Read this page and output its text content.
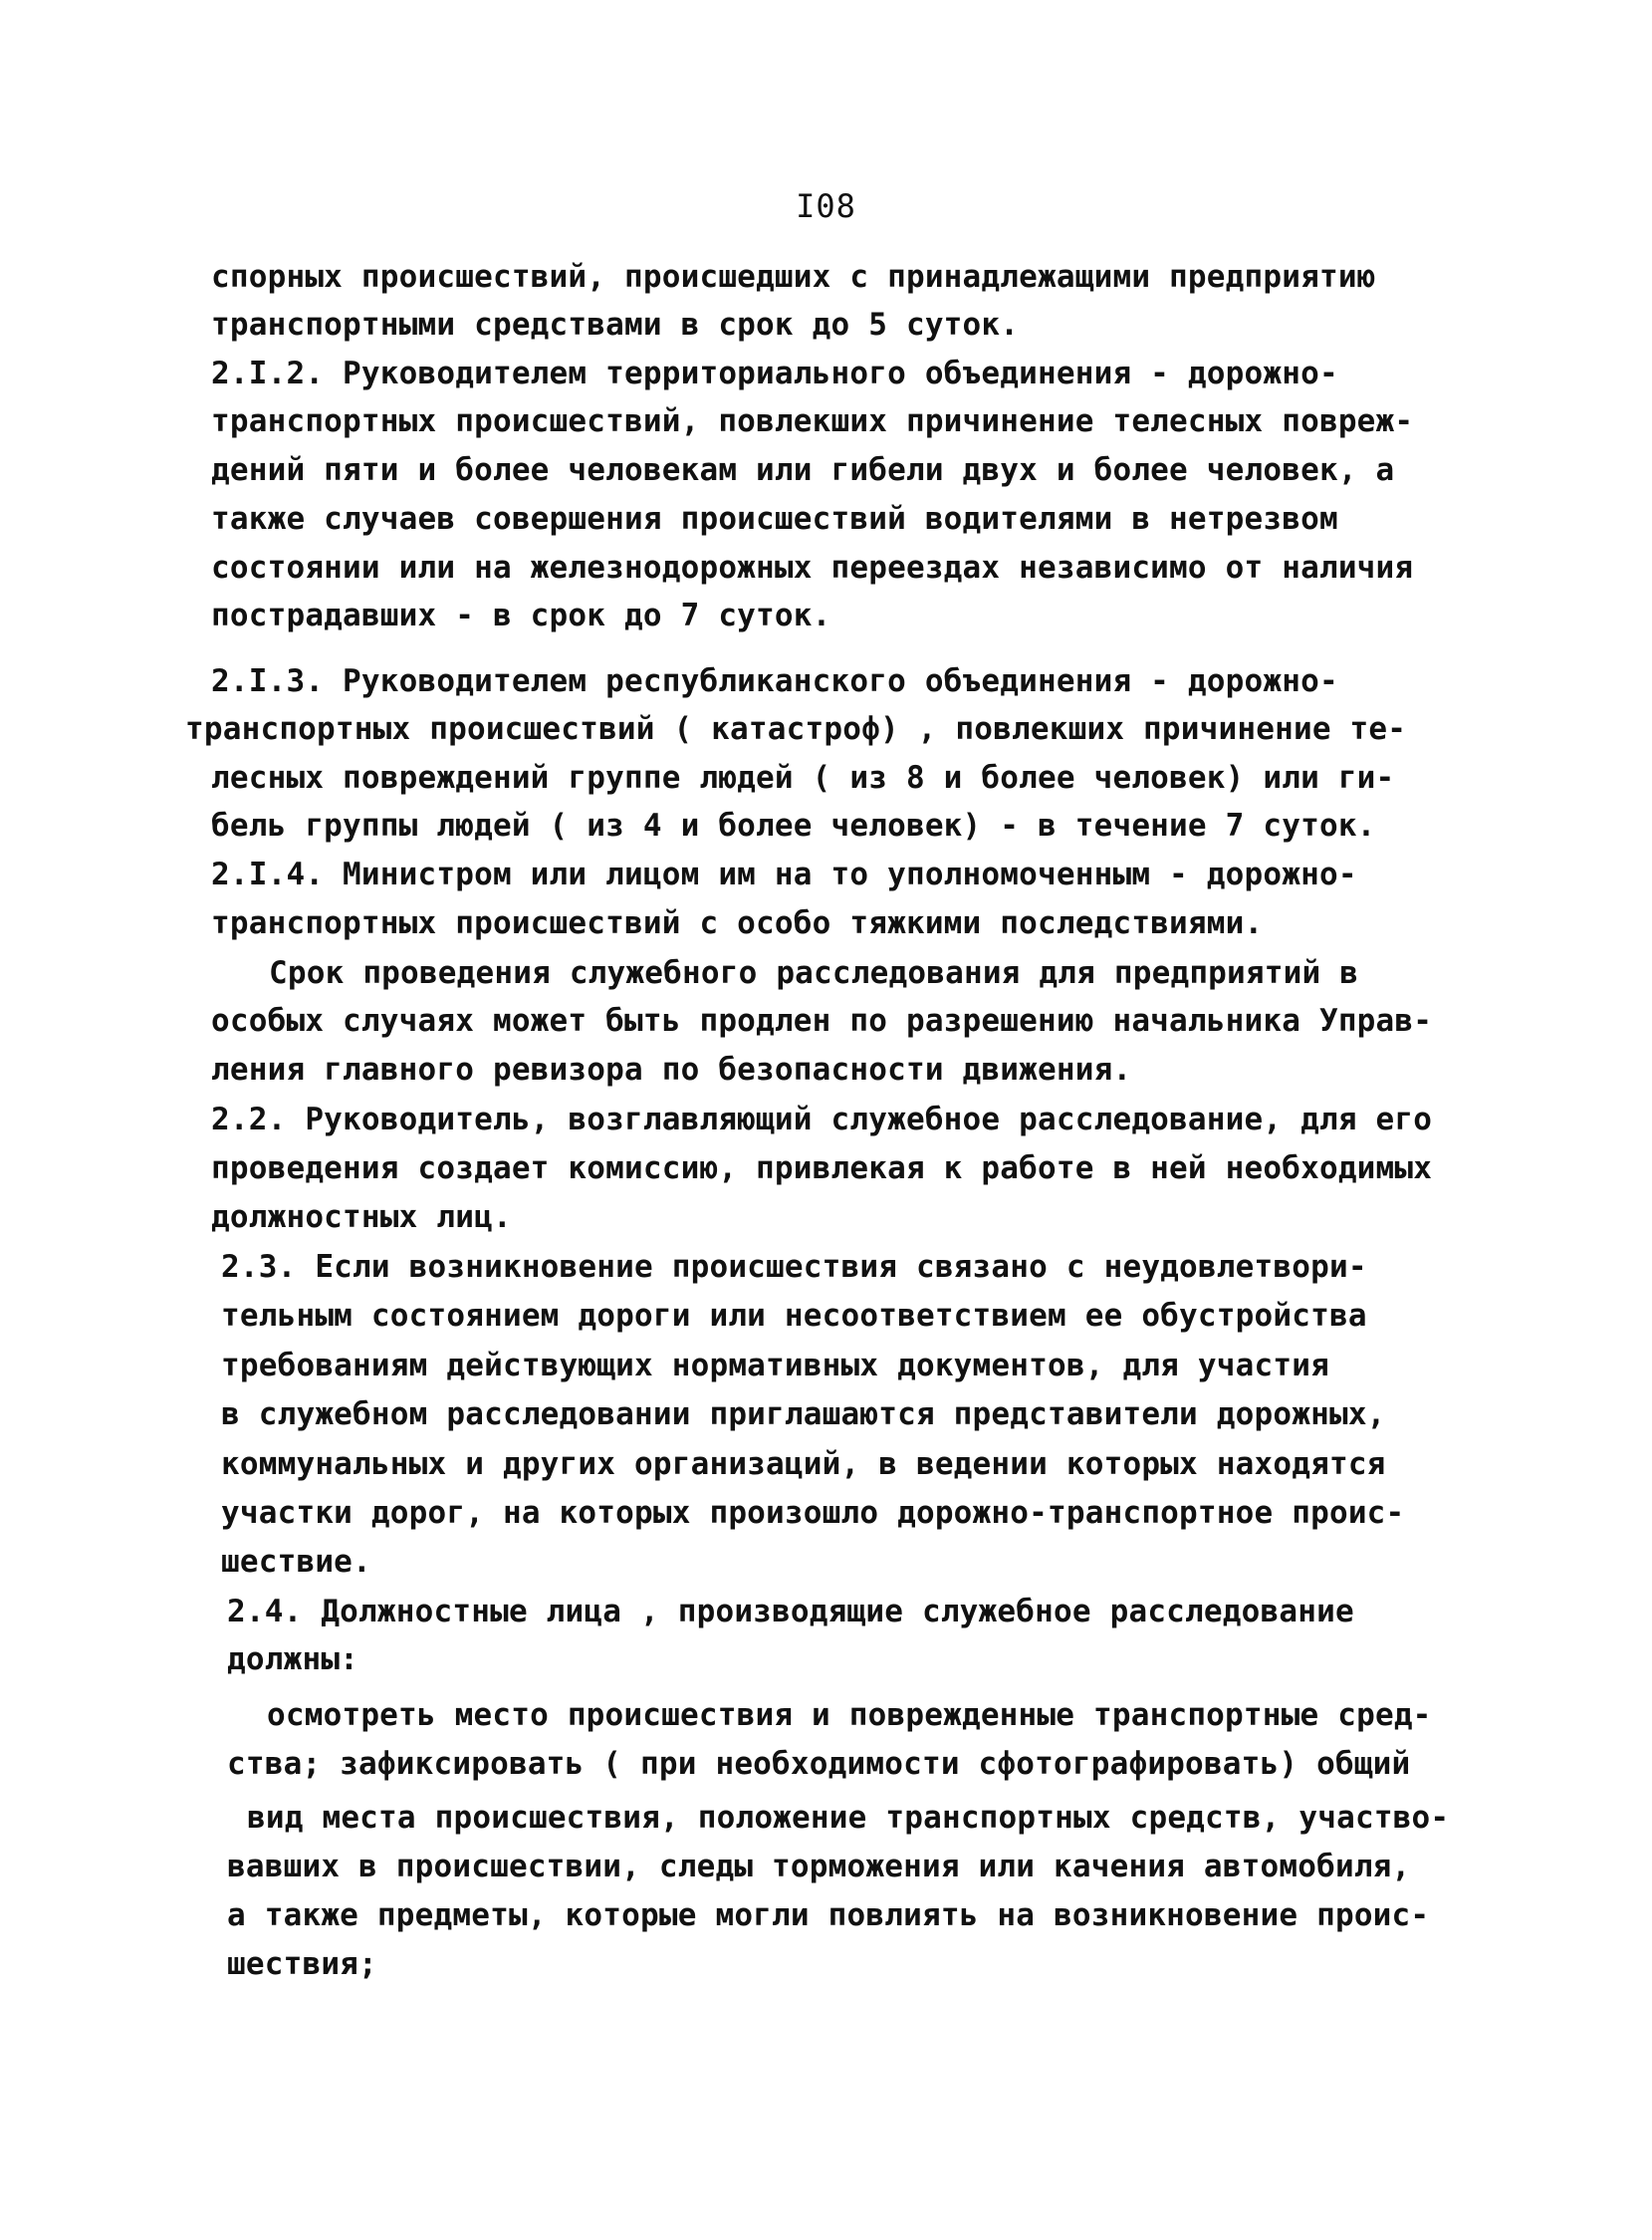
I08
спорных происшествий, происшедших с принадлежащими предприятию
транспортными средствами в срок до 5 суток.
2.I.2. Руководителем территориального объединения - дорожно-
транспортных происшествий, повлекших причинение телесных повреж-
дений пяти и более человекам или гибели двух и более человек, а
также случаев совершения происшествий водителями в нетрезвом
состоянии или на железнодорожных переездах независимо от наличия
пострадавших - в срок до 7 суток.
2.I.3. Руководителем республиканского объединения - дорожно-
транспортных происшествий ( катастроф) , повлекших причинение те-
лесных повреждений группе людей ( из 8 и более человек) или ги-
бель группы людей ( из 4 и более человек) - в течение 7 суток.
2.I.4. Министром или лицом им на то уполномоченным - дорожно-
транспортных происшествий с особо тяжкими последствиями.
Срок проведения служебного расследования для предприятий в
особых случаях может быть продлен по разрешению начальника Управ-
ления главного ревизора по безопасности движения.
2.2. Руководитель, возглавляющий служебное расследование, для его
проведения создает комиссию, привлекая к работе в ней необходимых
должностных лиц.
2.3. Если возникновение происшествия связано с неудовлетвори-
тельным состоянием дороги или несоответствием ее обустройства
требованиям действующих нормативных документов, для участия
в служебном расследовании приглашаются представители дорожных,
коммунальных и других организаций, в ведении которых находятся
участки дорог, на которых произошло дорожно-транспортное проис-
шествие.
2.4. Должностные лица , производящие служебное расследование
должны:
осмотреть место происшествия и поврежденные транспортные сред-
ства; зафиксировать ( при необходимости сфотографировать) общий
вид места происшествия, положение транспортных средств, участво-
вавших в происшествии, следы торможения или качения автомобиля,
а также предметы, которые могли повлиять на возникновение проис-
шествия;
